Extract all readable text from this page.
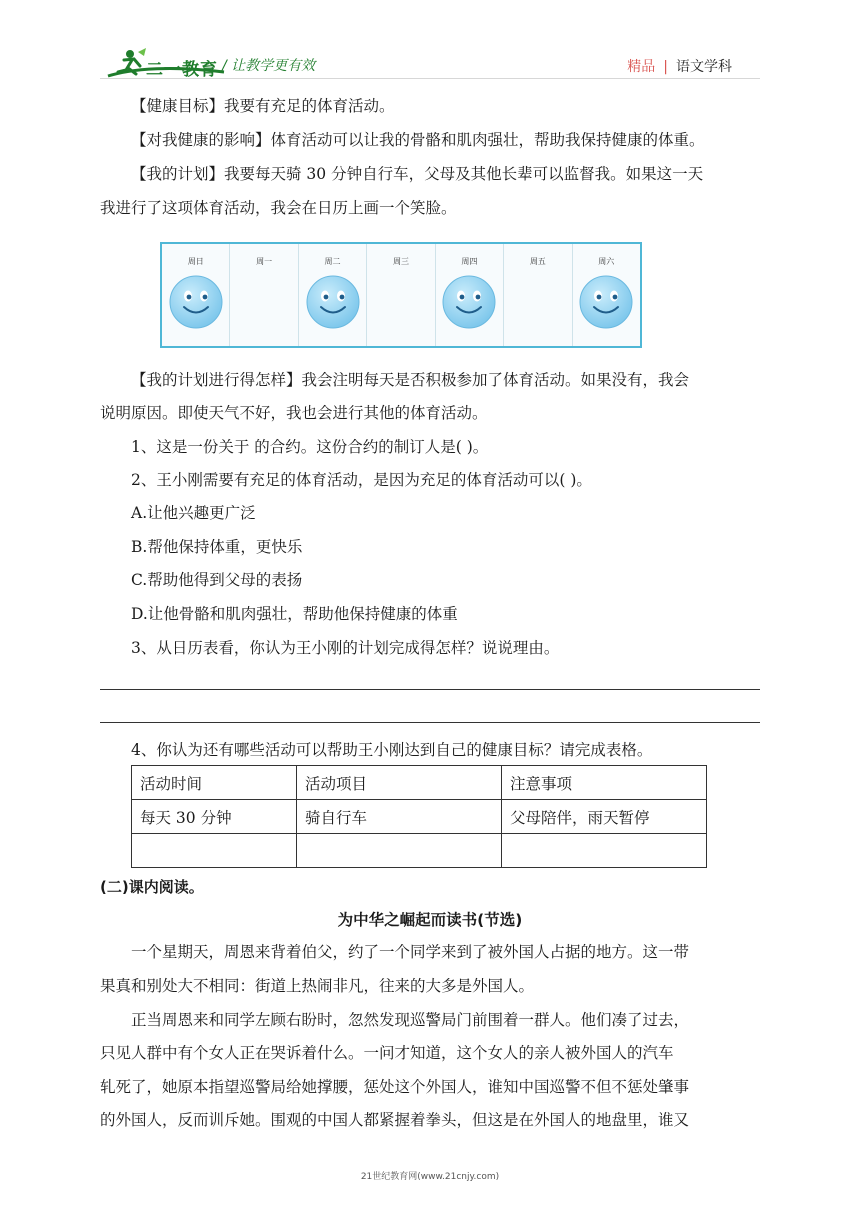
二一教育 / 让教学更有效	精品 | 语文学科
【健康目标】我要有充足的体育活动。
【对我健康的影响】体育活动可以让我的骨骼和肌肉强壮，帮助我保持健康的体重。
【我的计划】我要每天骑 30 分钟自行车，父母及其他长辈可以监督我。如果这一天
我进行了这项体育活动，我会在日历上画一个笑脸。
周日	周一	周二	周三	周四	周五	周六
【我的计划进行得怎样】我会注明每天是否积极参加了体育活动。如果没有，我会
说明原因。即使天气不好，我也会进行其他的体育活动。
1、这是一份关于 的合约。这份合约的制订人是( )。
2、王小刚需要有充足的体育活动，是因为充足的体育活动可以( )。
A.让他兴趣更广泛
B.帮他保持体重，更快乐
C.帮助他得到父母的表扬
D.让他骨骼和肌肉强壮，帮助他保持健康的体重
3、从日历表看，你认为王小刚的计划完成得怎样？说说理由。
4、你认为还有哪些活动可以帮助王小刚达到自己的健康目标？请完成表格。
活动时间	活动项目	注意事项
每天 30 分钟	骑自行车	父母陪伴，雨天暂停

(二)课内阅读。
为中华之崛起而读书(节选)
一个星期天，周恩来背着伯父，约了一个同学来到了被外国人占据的地方。这一带
果真和别处大不相同：街道上热闹非凡，往来的大多是外国人。
正当周恩来和同学左顾右盼时，忽然发现巡警局门前围着一群人。他们凑了过去，
只见人群中有个女人正在哭诉着什么。一问才知道，这个女人的亲人被外国人的汽车
轧死了，她原本指望巡警局给她撑腰，惩处这个外国人，谁知中国巡警不但不惩处肇事
的外国人，反而训斥她。围观的中国人都紧握着拳头，但这是在外国人的地盘里，谁又
21世纪教育网(www.21cnjy.com)
